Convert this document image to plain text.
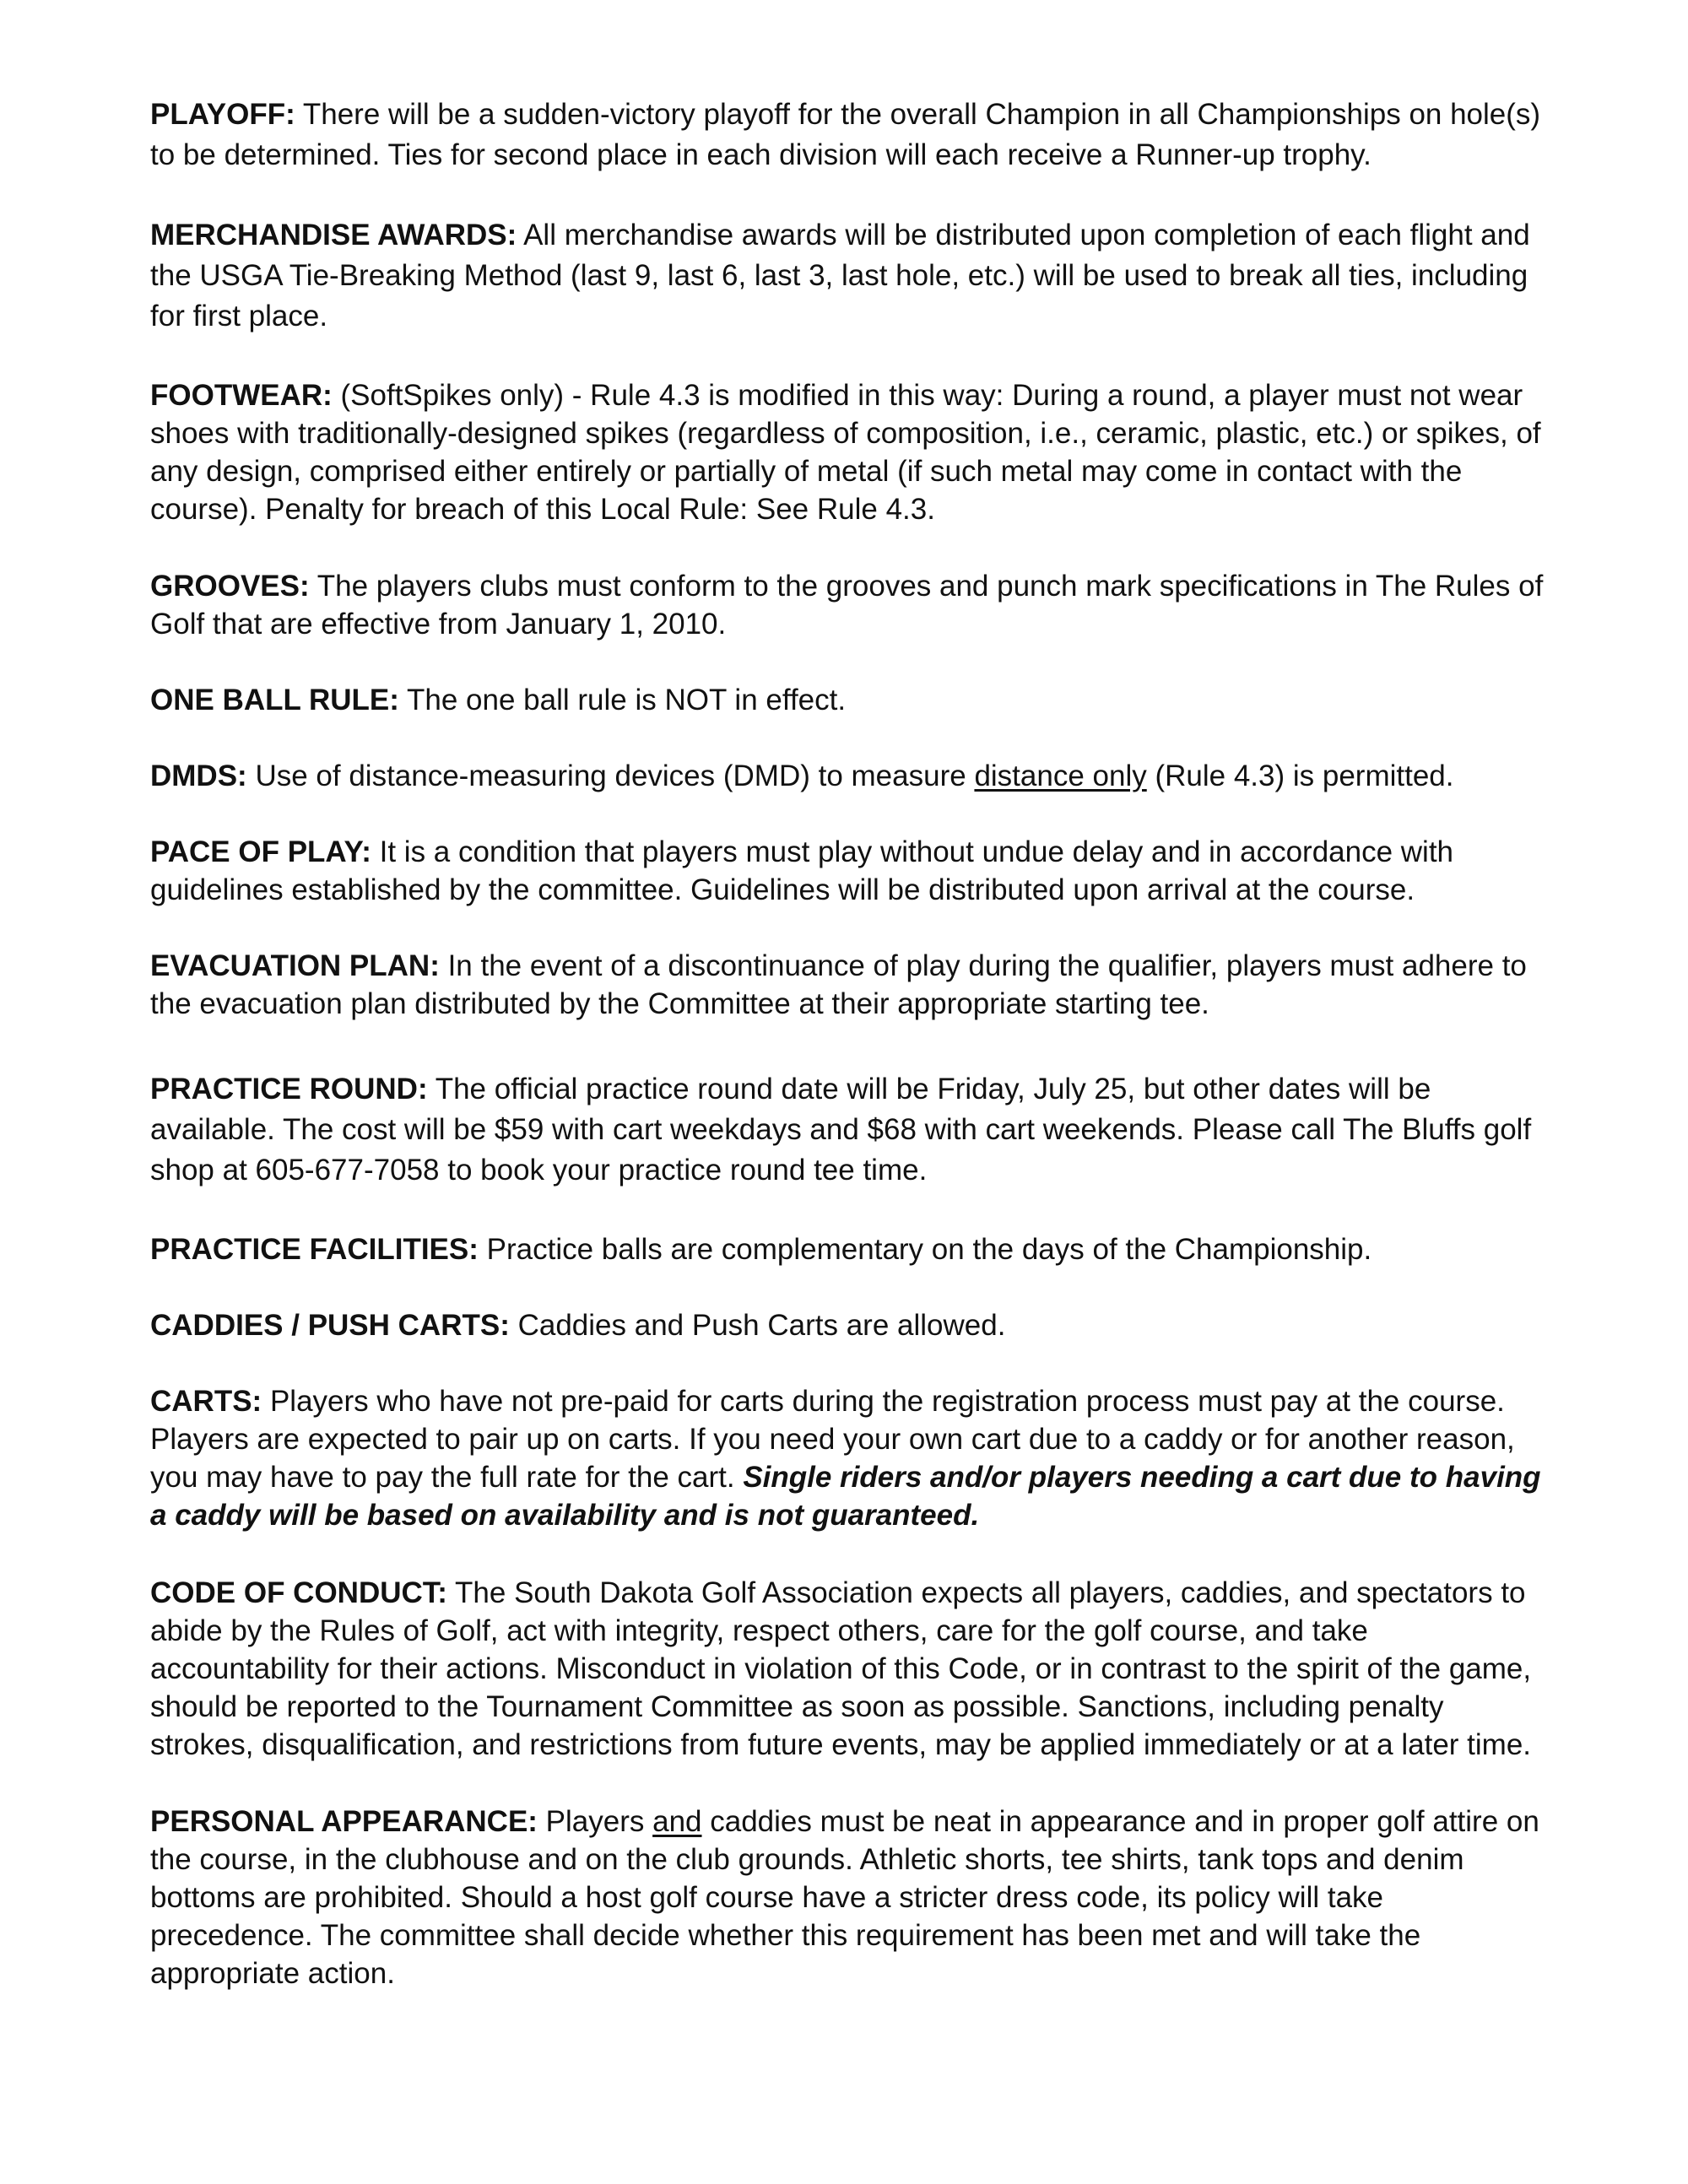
PLAYOFF: There will be a sudden-victory playoff for the overall Champion in all Championships on hole(s) to be determined. Ties for second place in each division will each receive a Runner-up trophy.

MERCHANDISE AWARDS: All merchandise awards will be distributed upon completion of each flight and the USGA Tie-Breaking Method (last 9, last 6, last 3, last hole, etc.) will be used to break all ties, including for first place.

FOOTWEAR: (SoftSpikes only) - Rule 4.3 is modified in this way: During a round, a player must not wear shoes with traditionally-designed spikes (regardless of composition, i.e., ceramic, plastic, etc.) or spikes, of any design, comprised either entirely or partially of metal (if such metal may come in contact with the course). Penalty for breach of this Local Rule: See Rule 4.3.

GROOVES: The players clubs must conform to the grooves and punch mark specifications in The Rules of Golf that are effective from January 1, 2010.

ONE BALL RULE: The one ball rule is NOT in effect.

DMDS: Use of distance-measuring devices (DMD) to measure distance only (Rule 4.3) is permitted.

PACE OF PLAY: It is a condition that players must play without undue delay and in accordance with guidelines established by the committee. Guidelines will be distributed upon arrival at the course.

EVACUATION PLAN: In the event of a discontinuance of play during the qualifier, players must adhere to the evacuation plan distributed by the Committee at their appropriate starting tee.

PRACTICE ROUND: The official practice round date will be Friday, July 25, but other dates will be available. The cost will be $59 with cart weekdays and $68 with cart weekends. Please call The Bluffs golf shop at 605-677-7058 to book your practice round tee time.

PRACTICE FACILITIES: Practice balls are complementary on the days of the Championship.

CADDIES / PUSH CARTS: Caddies and Push Carts are allowed.

CARTS: Players who have not pre-paid for carts during the registration process must pay at the course. Players are expected to pair up on carts. If you need your own cart due to a caddy or for another reason, you may have to pay the full rate for the cart. Single riders and/or players needing a cart due to having a caddy will be based on availability and is not guaranteed.

CODE OF CONDUCT: The South Dakota Golf Association expects all players, caddies, and spectators to abide by the Rules of Golf, act with integrity, respect others, care for the golf course, and take accountability for their actions. Misconduct in violation of this Code, or in contrast to the spirit of the game, should be reported to the Tournament Committee as soon as possible. Sanctions, including penalty strokes, disqualification, and restrictions from future events, may be applied immediately or at a later time.

PERSONAL APPEARANCE: Players and caddies must be neat in appearance and in proper golf attire on the course, in the clubhouse and on the club grounds. Athletic shorts, tee shirts, tank tops and denim bottoms are prohibited. Should a host golf course have a stricter dress code, its policy will take precedence. The committee shall decide whether this requirement has been met and will take the appropriate action.
